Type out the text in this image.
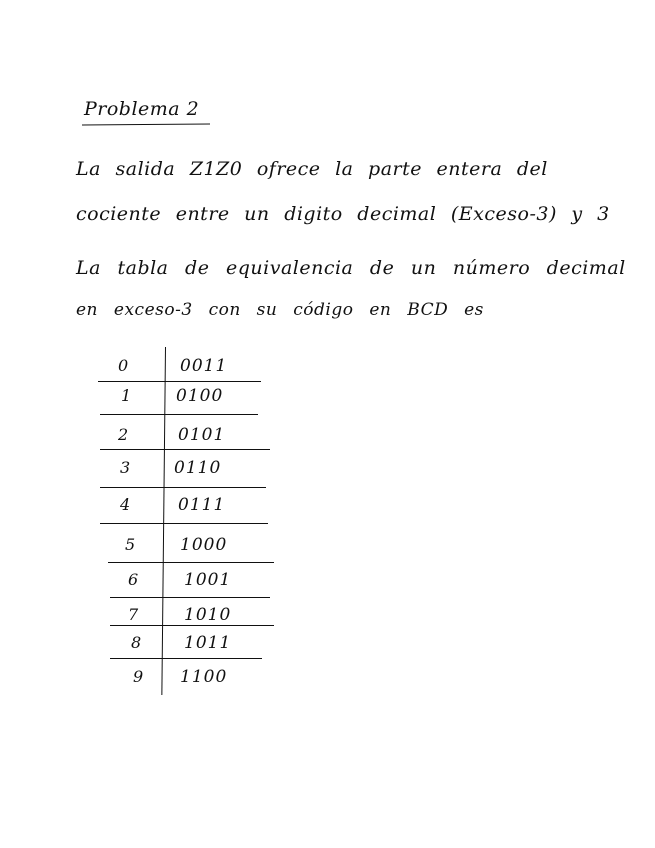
Problema 2
La salida Z1Z0 ofrece la parte entera del
cociente entre un digito decimal (Exceso-3) y 3
La tabla de equivalencia de un número decimal
en exceso-3 con su código en BCD es
0	0011
1	0100
2	0101
3	0110
4	0111
5	1000
6	1001
7	1010
8	1011
9 1100
